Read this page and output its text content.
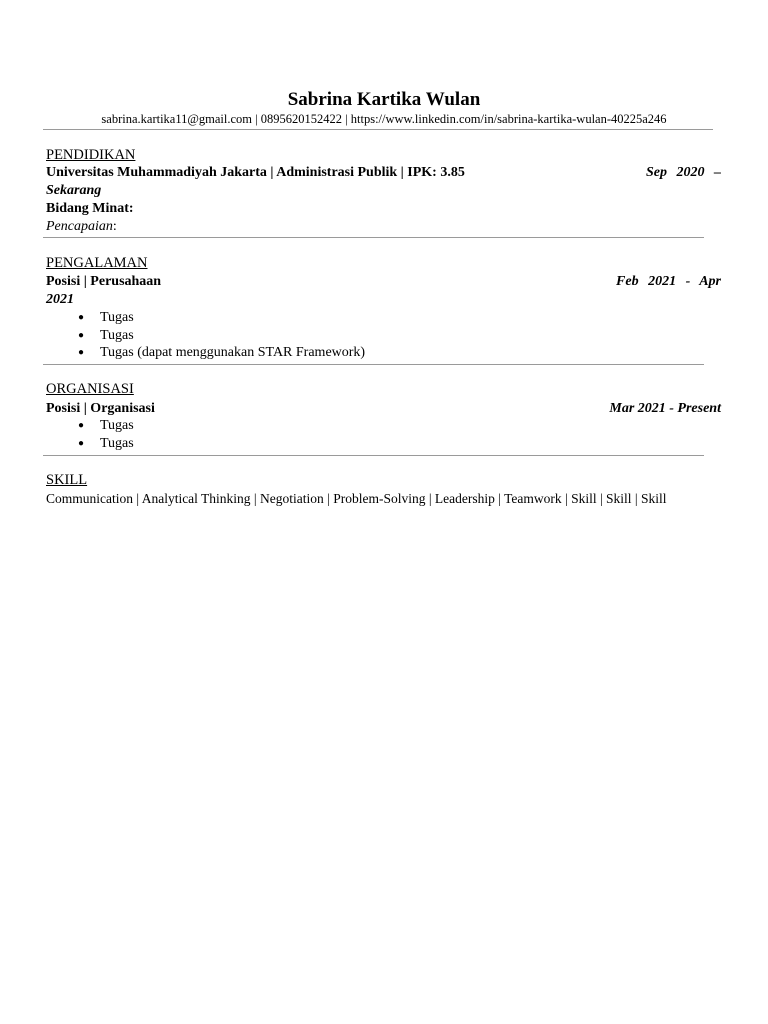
Sabrina Kartika Wulan
sabrina.kartika11@gmail.com | 0895620152422 | https://www.linkedin.com/in/sabrina-kartika-wulan-40225a246
PENDIDIKAN
Universitas Muhammadiyah Jakarta | Administrasi Publik | IPK: 3.85	Sep 2020 –
Sekarang
Bidang Minat:
Pencapaian:
PENGALAMAN
Posisi | Perusahaan	Feb 2021 - Apr
2021
● Tugas
● Tugas
● Tugas (dapat menggunakan STAR Framework)
ORGANISASI
Posisi | Organisasi	Mar 2021 - Present
● Tugas
● Tugas
SKILL
Communication | Analytical Thinking | Negotiation | Problem-Solving | Leadership | Teamwork | Skill | Skill | Skill
